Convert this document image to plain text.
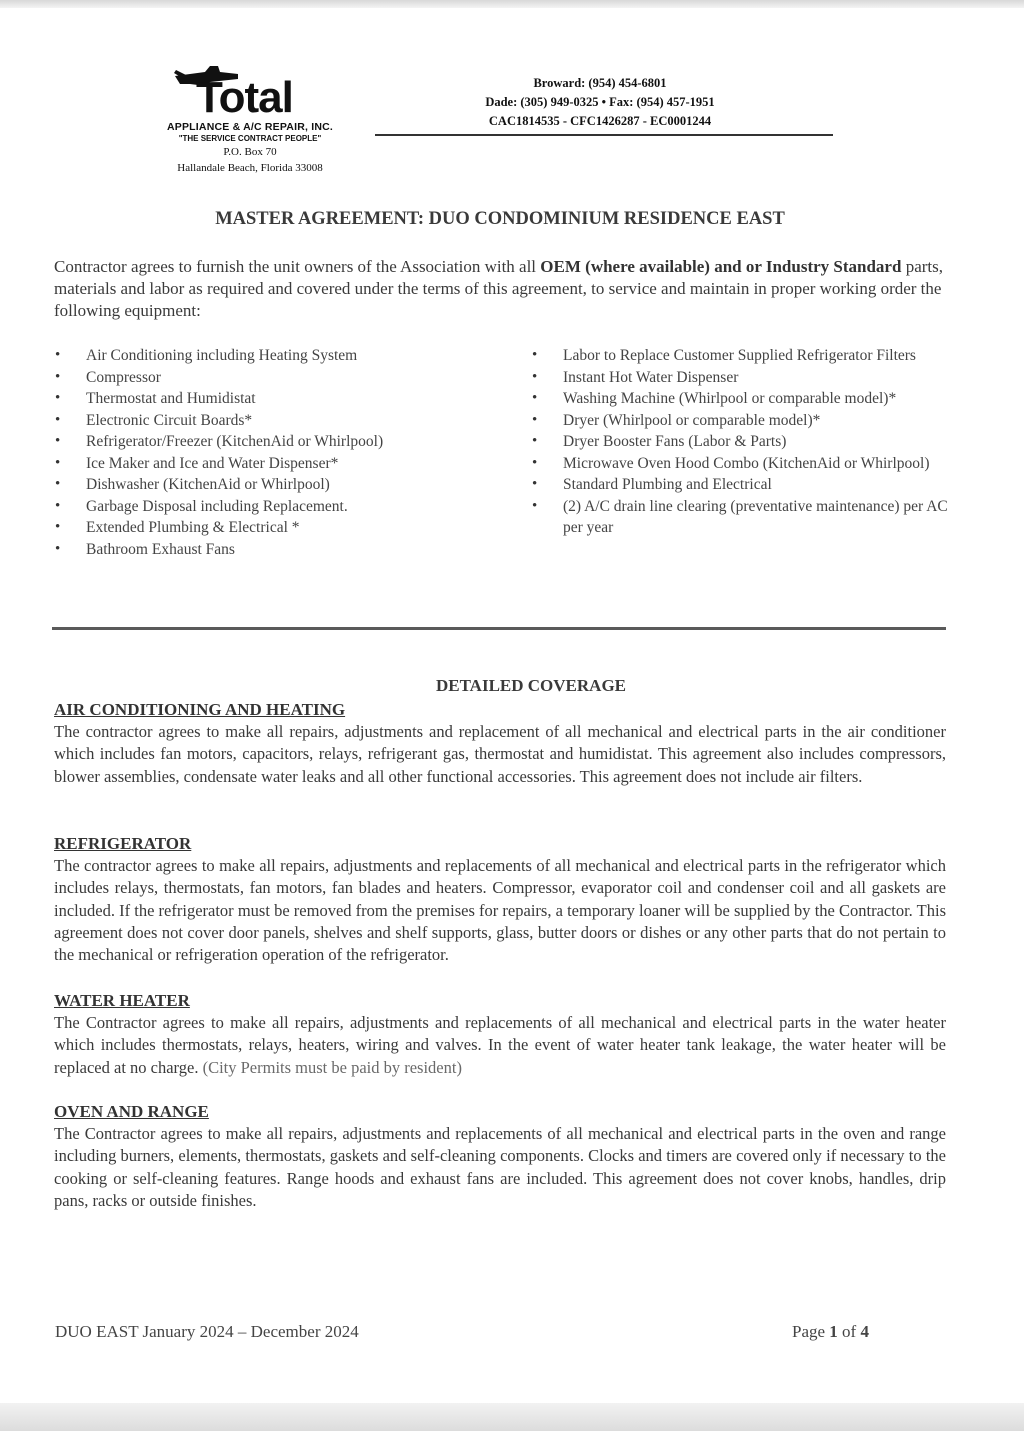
Total
APPLIANCE & A/C REPAIR, INC.
"THE SERVICE CONTRACT PEOPLE"
P.O. Box 70
Hallandale Beach, Florida 33008
Broward: (954) 454-6801
Dade: (305) 949-0325 • Fax: (954) 457-1951
CAC1814535 - CFC1426287 - EC0001244
MASTER AGREEMENT: DUO CONDOMINIUM RESIDENCE EAST
Contractor agrees to furnish the unit owners of the Association with all OEM (where available) and or Industry Standard parts, materials and labor as required and covered under the terms of this agreement, to service and maintain in proper working order the following equipment:
• Air Conditioning including Heating System
• Compressor
• Thermostat and Humidistat
• Electronic Circuit Boards*
• Refrigerator/Freezer (KitchenAid or Whirlpool)
• Ice Maker and Ice and Water Dispenser*
• Dishwasher (KitchenAid or Whirlpool)
• Garbage Disposal including Replacement.
• Extended Plumbing & Electrical *
• Bathroom Exhaust Fans
• Labor to Replace Customer Supplied Refrigerator Filters
• Instant Hot Water Dispenser
• Washing Machine (Whirlpool or comparable model)*
• Dryer (Whirlpool or comparable model)*
• Dryer Booster Fans (Labor & Parts)
• Microwave Oven Hood Combo (KitchenAid or Whirlpool)
• Standard Plumbing and Electrical
• (2) A/C drain line clearing (preventative maintenance) per AC per year
DETAILED COVERAGE
AIR CONDITIONING AND HEATING

The contractor agrees to make all repairs, adjustments and replacement of all mechanical and electrical parts in the air conditioner which includes fan motors, capacitors, relays, refrigerant gas, thermostat and humidistat. This agreement also includes compressors, blower assemblies, condensate water leaks and all other functional accessories. This agreement does not include air filters.

REFRIGERATOR

The contractor agrees to make all repairs, adjustments and replacements of all mechanical and electrical parts in the refrigerator which includes relays, thermostats, fan motors, fan blades and heaters. Compressor, evaporator coil and condenser coil and all gaskets are included. If the refrigerator must be removed from the premises for repairs, a temporary loaner will be supplied by the Contractor. This agreement does not cover door panels, shelves and shelf supports, glass, butter doors or dishes or any other parts that do not pertain to the mechanical or refrigeration operation of the refrigerator.

WATER HEATER

The Contractor agrees to make all repairs, adjustments and replacements of all mechanical and electrical parts in the water heater which includes thermostats, relays, heaters, wiring and valves. In the event of water heater tank leakage, the water heater will be replaced at no charge. (City Permits must be paid by resident)

OVEN AND RANGE

The Contractor agrees to make all repairs, adjustments and replacements of all mechanical and electrical parts in the oven and range including burners, elements, thermostats, gaskets and self-cleaning components. Clocks and timers are covered only if necessary to the cooking or self-cleaning features. Range hoods and exhaust fans are included. This agreement does not cover knobs, handles, drip pans, racks or outside finishes.

DUO EAST January 2024 – December 2024	Page 1 of 4
